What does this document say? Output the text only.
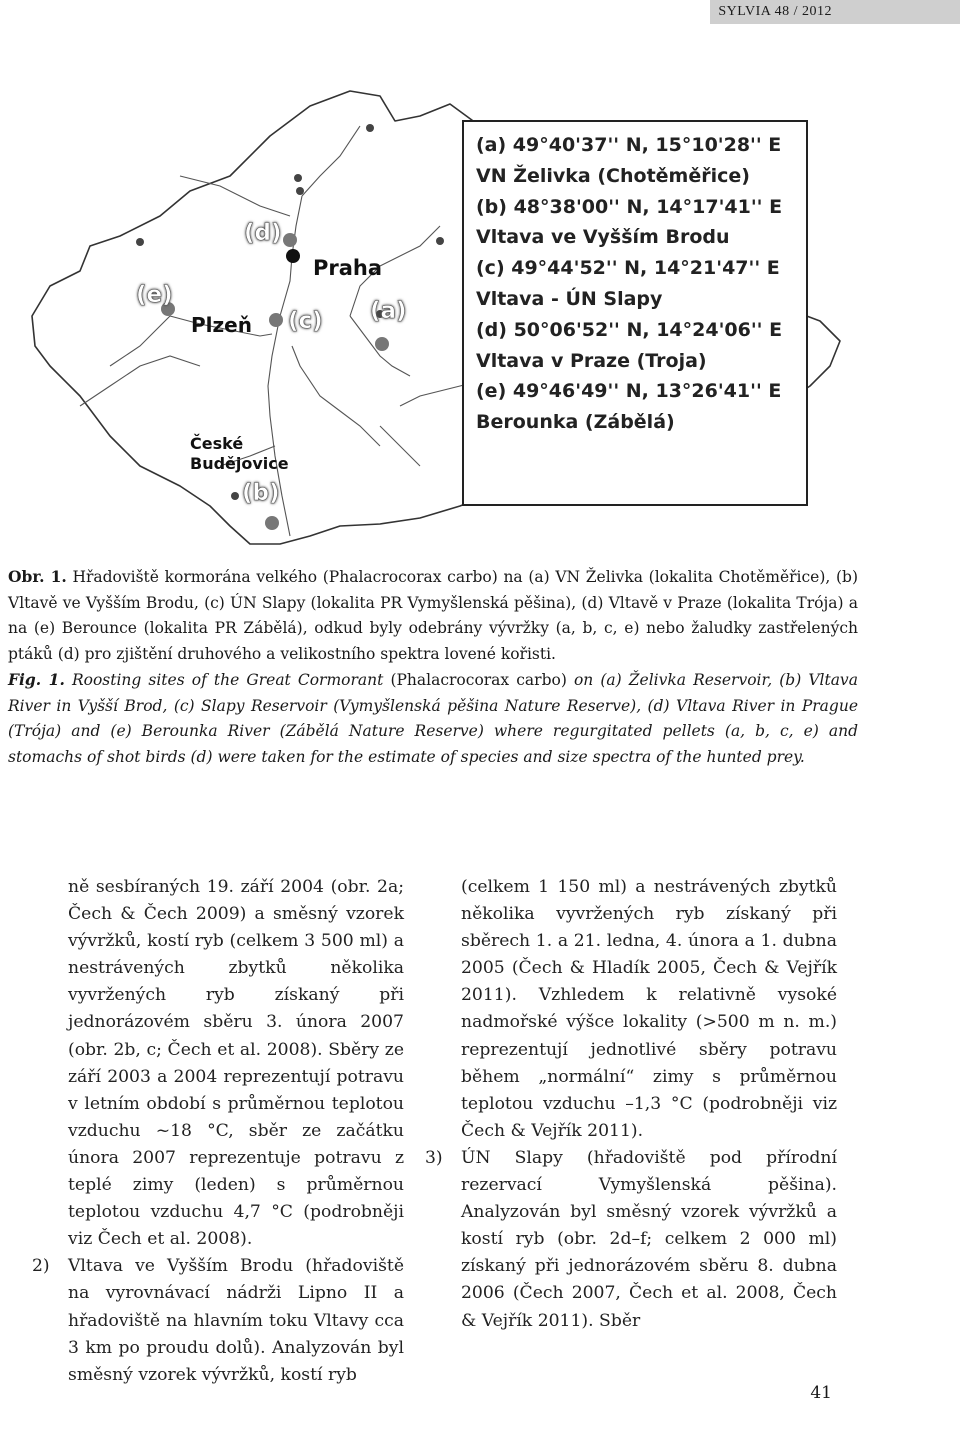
SYLVIA 48 / 2012
Praha
Plzeň
České
Budějovice
(d)
(e)
(c) (a)
(b)
(a) 49°40'37'' N, 15°10'28'' E
VN Želivka (Chotěměřice)
(b) 48°38'00'' N, 14°17'41'' E
Vltava ve Vyšším Brodu
(c) 49°44'52'' N, 14°21'47'' E
Vltava - ÚN Slapy
(d) 50°06'52'' N, 14°24'06'' E
Vltava v Praze (Troja)
(e) 49°46'49'' N, 13°26'41'' E
Berounka (Zábělá)

Obr. 1. Hřadoviště kormorána velkého (Phalacrocorax carbo) na (a) VN Želivka (lokalita Chotěměřice), (b) Vltavě ve Vyšším Brodu, (c) ÚN Slapy (lokalita PR Vymyšlenská pěšina), (d) Vltavě v Praze (lokalita Trója) a na (e) Berounce (lokalita PR Zábělá), odkud byly odebrány vývržky (a, b, c, e) nebo žaludky zastřelených ptáků (d) pro zjištění druhového a velikostního spektra lovené kořisti.

Fig. 1. Roosting sites of the Great Cormorant (Phalacrocorax carbo) on (a) Želivka Reservoir, (b) Vltava River in Vyšší Brod, (c) Slapy Reservoir (Vymyšlenská pěšina Nature Reserve), (d) Vltava River in Prague (Trója) and (e) Berounka River (Zábělá Nature Reserve) where regurgitated pellets (a, b, c, e) and stomachs of shot birds (d) were taken for the estimate of species and size spectra of the hunted prey.

ně sesbíraných 19. září 2004 (obr. 2a; Čech & Čech 2009) a směsný vzorek vývržků, kostí ryb (celkem 3 500 ml) a nestrávených zbytků několika vyvržených ryb získaný při jednorázovém sběru 3. února 2007 (obr. 2b, c; Čech et al. 2008). Sběry ze září 2003 a 2004 reprezentují potravu v letním období s průměrnou teplotou vzduchu ~18 °C, sběr ze začátku února 2007 reprezentuje potravu z teplé zimy (leden) s průměrnou teplotou vzduchu 4,7 °C (podrobněji viz Čech et al. 2008).

2)	Vltava ve Vyšším Brodu (hřadoviště na vyrovnávací nádrži Lipno II a hřadoviště na hlavním toku Vltavy cca 3 km po proudu dolů). Analyzován byl směsný vzorek vývržků, kostí ryb

(celkem 1 150 ml) a nestrávených zbytků několika vyvržených ryb získaný při sběrech 1. a 21. ledna, 4. února a 1. dubna 2005 (Čech & Hladík 2005, Čech & Vejřík 2011). Vzhledem k relativně vysoké nadmořské výšce lokality (>500 m n. m.) reprezentují jednotlivé sběry potravu během „normální“ zimy s průměrnou teplotou vzduchu –1,3 °C (podrobněji viz Čech & Vejřík 2011).

3)	ÚN Slapy (hřadoviště pod přírodní rezervací Vymyšlenská pěšina). Analyzován byl směsný vzorek vývržků a kostí ryb (obr. 2d–f; celkem 2 000 ml) získaný při jednorázovém sběru 8. dubna 2006 (Čech 2007, Čech et al. 2008, Čech & Vejřík 2011). Sběr
41
